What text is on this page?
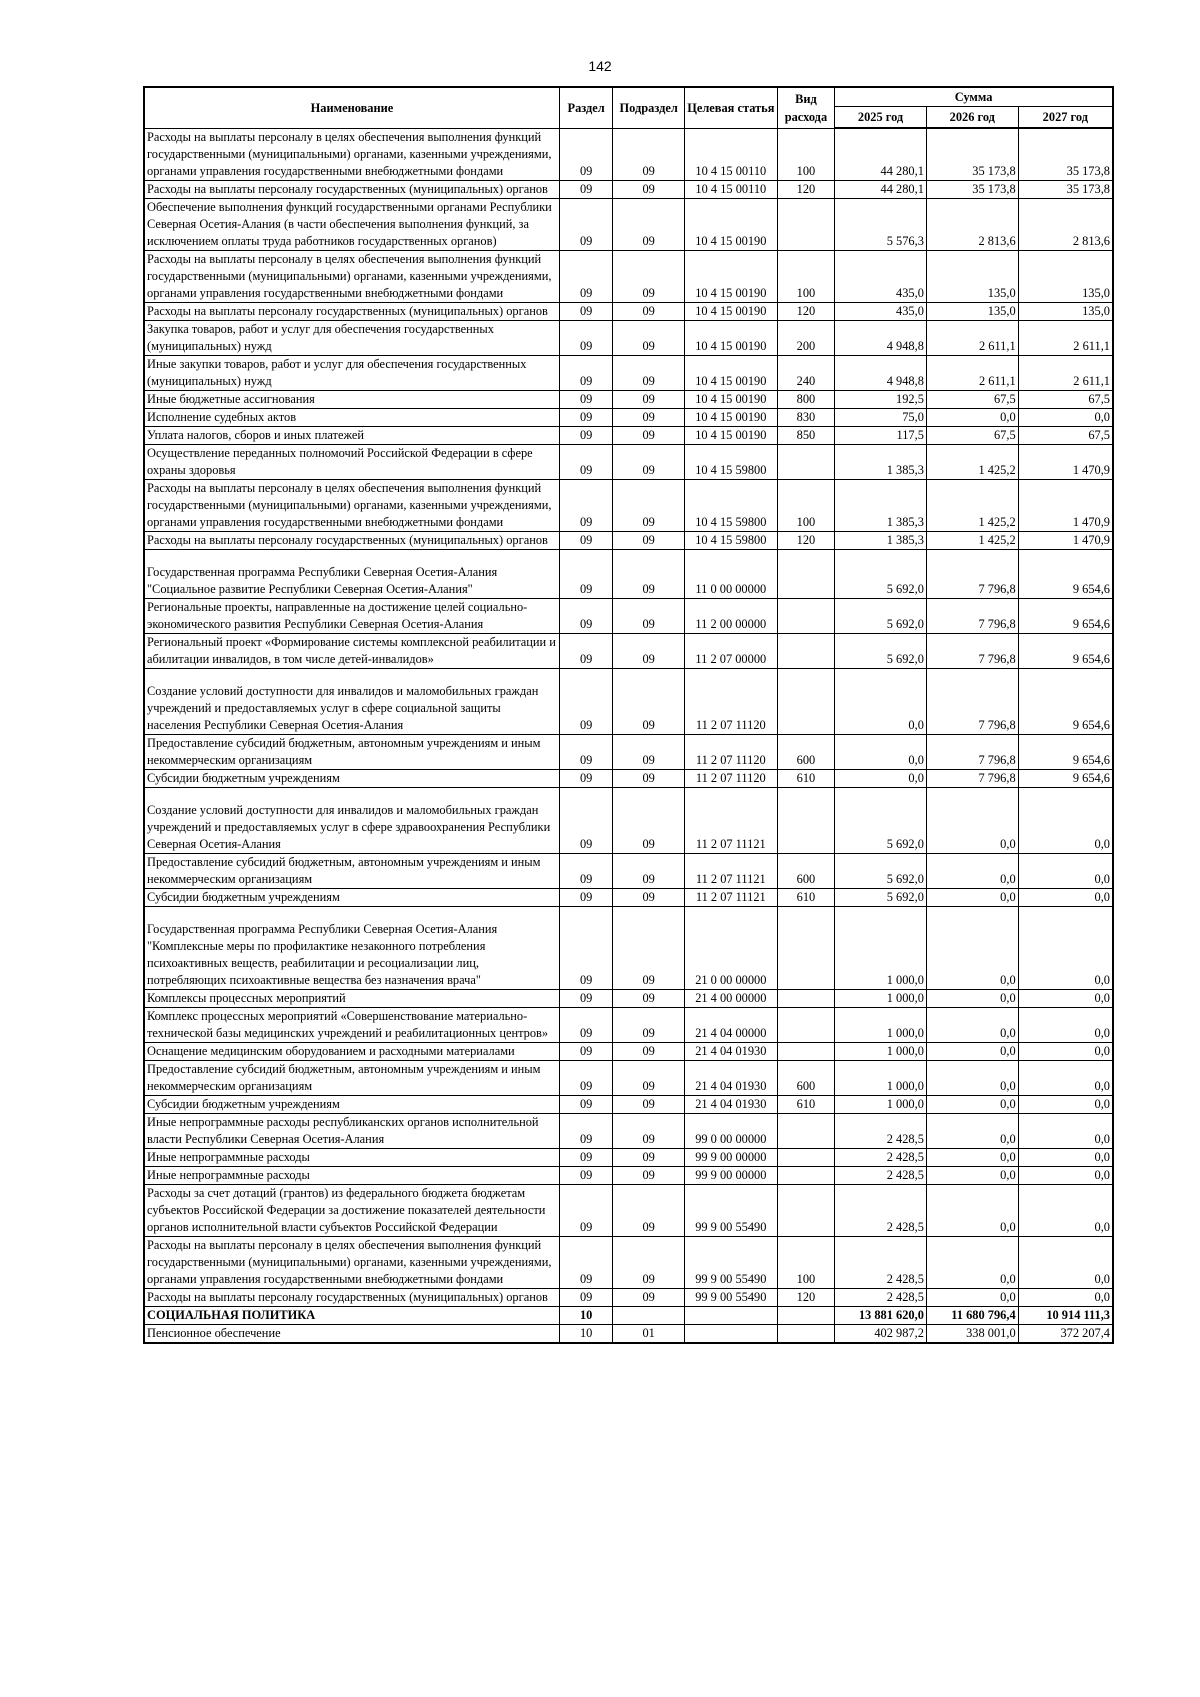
142
Наименование	Раздел	Подраздел	Целевая статья	Вид расхода	Сумма		
					2025 год	2026 год	2027 год
Расходы на выплаты персоналу в целях обеспечения выполнения функций государственными (муниципальными) органами, казенными учреждениями, органами управления государственными внебюджетными фондами	09	09	10 4 15 00110	100	44 280,1	35 173,8	35 173,8
Расходы на выплаты персоналу государственных (муниципальных) органов	09	09	10 4 15 00110	120	44 280,1	35 173,8	35 173,8
Обеспечение выполнения функций государственными органами Республики Северная Осетия-Алания (в части обеспечения выполнения функций, за исключением оплаты труда работников государственных органов)	09	09	10 4 15 00190		5 576,3	2 813,6	2 813,6
Расходы на выплаты персоналу в целях обеспечения выполнения функций государственными (муниципальными) органами, казенными учреждениями, органами управления государственными внебюджетными фондами	09	09	10 4 15 00190	100	435,0	135,0	135,0
Расходы на выплаты персоналу государственных (муниципальных) органов	09	09	10 4 15 00190	120	435,0	135,0	135,0
Закупка товаров, работ и услуг для обеспечения государственных (муниципальных) нужд	09	09	10 4 15 00190	200	4 948,8	2 611,1	2 611,1
Иные закупки товаров, работ и услуг для обеспечения государственных (муниципальных) нужд	09	09	10 4 15 00190	240	4 948,8	2 611,1	2 611,1
Иные бюджетные ассигнования	09	09	10 4 15 00190	800	192,5	67,5	67,5
Исполнение судебных актов	09	09	10 4 15 00190	830	75,0	0,0	0,0
Уплата налогов, сборов и иных платежей	09	09	10 4 15 00190	850	117,5	67,5	67,5
Осуществление переданных полномочий Российской Федерации в сфере охраны здоровья	09	09	10 4 15 59800		1 385,3	1 425,2	1 470,9
Расходы на выплаты персоналу в целях обеспечения выполнения функций государственными (муниципальными) органами, казенными учреждениями, органами управления государственными внебюджетными фондами	09	09	10 4 15 59800	100	1 385,3	1 425,2	1 470,9
Расходы на выплаты персоналу государственных (муниципальных) органов	09	09	10 4 15 59800	120	1 385,3	1 425,2	1 470,9
Государственная программа Республики Северная Осетия-Алания "Социальное развитие Республики Северная Осетия-Алания"	09	09	11 0 00 00000		5 692,0	7 796,8	9 654,6
Региональные проекты, направленные на достижение целей социально-экономического развития Республики Северная Осетия-Алания	09	09	11 2 00 00000		5 692,0	7 796,8	9 654,6
Региональный проект «Формирование системы комплексной реабилитации и абилитации инвалидов, в том числе детей-инвалидов»	09	09	11 2 07 00000		5 692,0	7 796,8	9 654,6
Создание условий доступности для инвалидов и маломобильных граждан учреждений и предоставляемых услуг в сфере социальной защиты населения Республики Северная Осетия-Алания	09	09	11 2 07 11120		0,0	7 796,8	9 654,6
Предоставление субсидий бюджетным, автономным учреждениям и иным некоммерческим организациям	09	09	11 2 07 11120	600	0,0	7 796,8	9 654,6
Субсидии бюджетным учреждениям	09	09	11 2 07 11120	610	0,0	7 796,8	9 654,6
Создание условий доступности для инвалидов и маломобильных граждан учреждений и предоставляемых услуг в сфере здравоохранения Республики Северная Осетия-Алания	09	09	11 2 07 11121		5 692,0	0,0	0,0
Предоставление субсидий бюджетным, автономным учреждениям и иным некоммерческим организациям	09	09	11 2 07 11121	600	5 692,0	0,0	0,0
Субсидии бюджетным учреждениям	09	09	11 2 07 11121	610	5 692,0	0,0	0,0
Государственная программа Республики Северная Осетия-Алания "Комплексные меры по профилактике незаконного потребления психоактивных веществ, реабилитации и ресоциализации лиц, потребляющих психоактивные вещества без назначения врача"	09	09	21 0 00 00000		1 000,0	0,0	0,0
Комплексы процессных мероприятий	09	09	21 4 00 00000		1 000,0	0,0	0,0
Комплекс процессных мероприятий «Совершенствование материально-технической базы медицинских учреждений и реабилитационных центров»	09	09	21 4 04 00000		1 000,0	0,0	0,0
Оснащение медицинским оборудованием и расходными материалами	09	09	21 4 04 01930		1 000,0	0,0	0,0
Предоставление субсидий бюджетным, автономным учреждениям и иным некоммерческим организациям	09	09	21 4 04 01930	600	1 000,0	0,0	0,0
Субсидии бюджетным учреждениям	09	09	21 4 04 01930	610	1 000,0	0,0	0,0
Иные непрограммные расходы республиканских органов исполнительной власти Республики Северная Осетия-Алания	09	09	99 0 00 00000		2 428,5	0,0	0,0
Иные непрограммные расходы	09	09	99 9 00 00000		2 428,5	0,0	0,0
Иные непрограммные расходы	09	09	99 9 00 00000		2 428,5	0,0	0,0
Расходы за счет дотаций (грантов) из федерального бюджета бюджетам субъектов Российской Федерации за достижение показателей деятельности органов исполнительной власти субъектов Российской Федерации	09	09	99 9 00 55490		2 428,5	0,0	0,0
Расходы на выплаты персоналу в целях обеспечения выполнения функций государственными (муниципальными) органами, казенными учреждениями, органами управления государственными внебюджетными фондами	09	09	99 9 00 55490	100	2 428,5	0,0	0,0
Расходы на выплаты персоналу государственных (муниципальных) органов	09	09	99 9 00 55490	120	2 428,5	0,0	0,0
СОЦИАЛЬНАЯ ПОЛИТИКА	10				13 881 620,0	11 680 796,4	10 914 111,3
Пенсионное обеспечение	10	01			402 987,2	338 001,0	372 207,4
